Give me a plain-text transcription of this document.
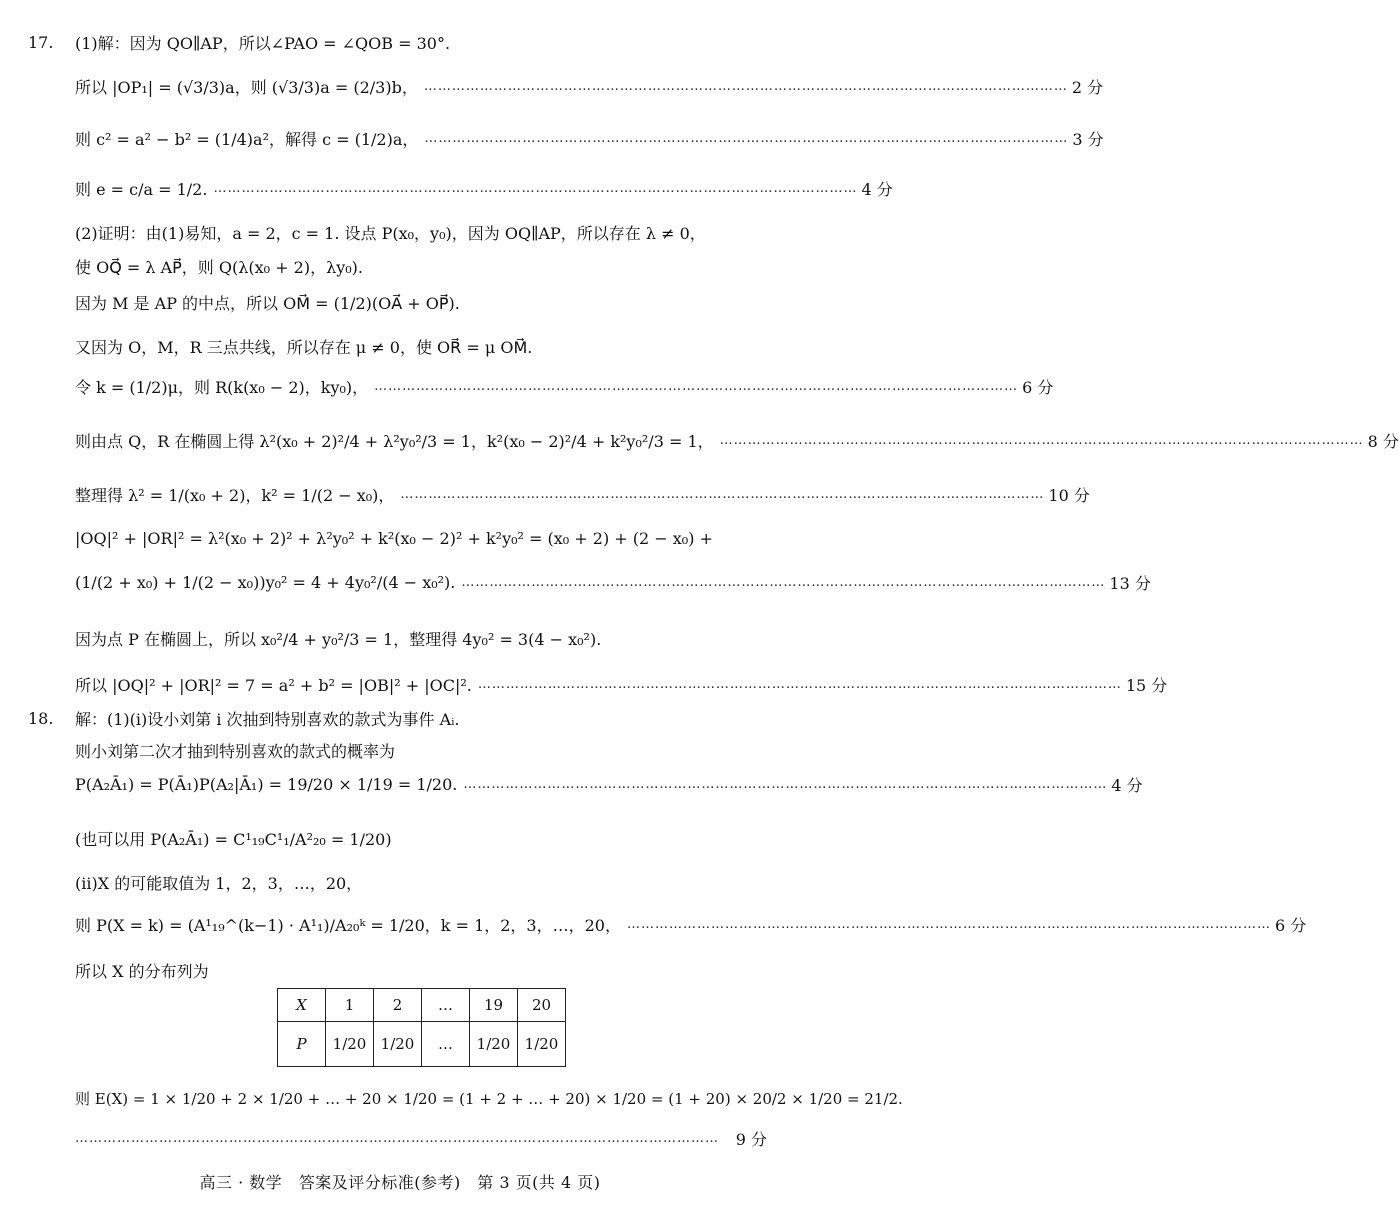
17.	(1)解：因为 QO∥AP，所以∠PAO = ∠QOB = 30°.
所以 |OP₁| = (√3/3)a，则 (√3/3)a = (2/3)b， ………………………………………………………………………………………………………………………… 2 分
则 c² = a² − b² = (1/4)a²，解得 c = (1/2)a， ………………………………………………………………………………………………………………………… 3 分
则 e = c/a = 1/2. ………………………………………………………………………………………………………………………… 4 分
(2)证明：由(1)易知，a = 2，c = 1. 设点 P(x₀，y₀)，因为 OQ∥AP，所以存在 λ ≠ 0，
使 OQ⃗ = λ AP⃗，则 Q(λ(x₀ + 2)，λy₀).
因为 M 是 AP 的中点，所以 OM⃗ = (1/2)(OA⃗ + OP⃗).
又因为 O，M，R 三点共线，所以存在 μ ≠ 0，使 OR⃗ = μ OM⃗.
令 k = (1/2)μ，则 R(k(x₀ − 2)，ky₀)， ………………………………………………………………………………………………………………………… 6 分
则由点 Q，R 在椭圆上得 λ²(x₀ + 2)²/4 + λ²y₀²/3 = 1，k²(x₀ − 2)²/4 + k²y₀²/3 = 1， ………………………………………………………………………………………………………………………… 8 分
整理得 λ² = 1/(x₀ + 2)，k² = 1/(2 − x₀)， ………………………………………………………………………………………………………………………… 10 分
|OQ|² + |OR|² = λ²(x₀ + 2)² + λ²y₀² + k²(x₀ − 2)² + k²y₀² = (x₀ + 2) + (2 − x₀) +
(1/(2 + x₀) + 1/(2 − x₀))y₀² = 4 + 4y₀²/(4 − x₀²). ………………………………………………………………………………………………………………………… 13 分
因为点 P 在椭圆上，所以 x₀²/4 + y₀²/3 = 1，整理得 4y₀² = 3(4 − x₀²).
所以 |OQ|² + |OR|² = 7 = a² + b² = |OB|² + |OC|². ………………………………………………………………………………………………………………………… 15 分
18.	解：(1)(i)设小刘第 i 次抽到特别喜欢的款式为事件 Aᵢ.
则小刘第二次才抽到特别喜欢的款式的概率为
P(A₂Ā₁) = P(Ā₁)P(A₂|Ā₁) = 19/20 × 1/19 = 1/20. ………………………………………………………………………………………………………………………… 4 分
(也可以用 P(A₂Ā₁) = C¹₁₉C¹₁/A²₂₀ = 1/20)
(ii)X 的可能取值为 1，2，3，…，20，
则 P(X = k) = (A¹₁₉^(k−1) · A¹₁)/A₂₀ᵏ = 1/20，k = 1，2，3，…，20， ………………………………………………………………………………………………………………………… 6 分
所以 X 的分布列为
X	1	2	…	19	20
P	1/20	1/20	…	1/20	1/20
则 E(X) = 1 × 1/20 + 2 × 1/20 + … + 20 × 1/20 = (1 + 2 + … + 20) × 1/20 = (1 + 20) × 20/2 × 1/20 = 21/2.
…………………………………………………………………………………………………………………………	9 分
高三 · 数学　答案及评分标准(参考)　第 3 页(共 4 页)
